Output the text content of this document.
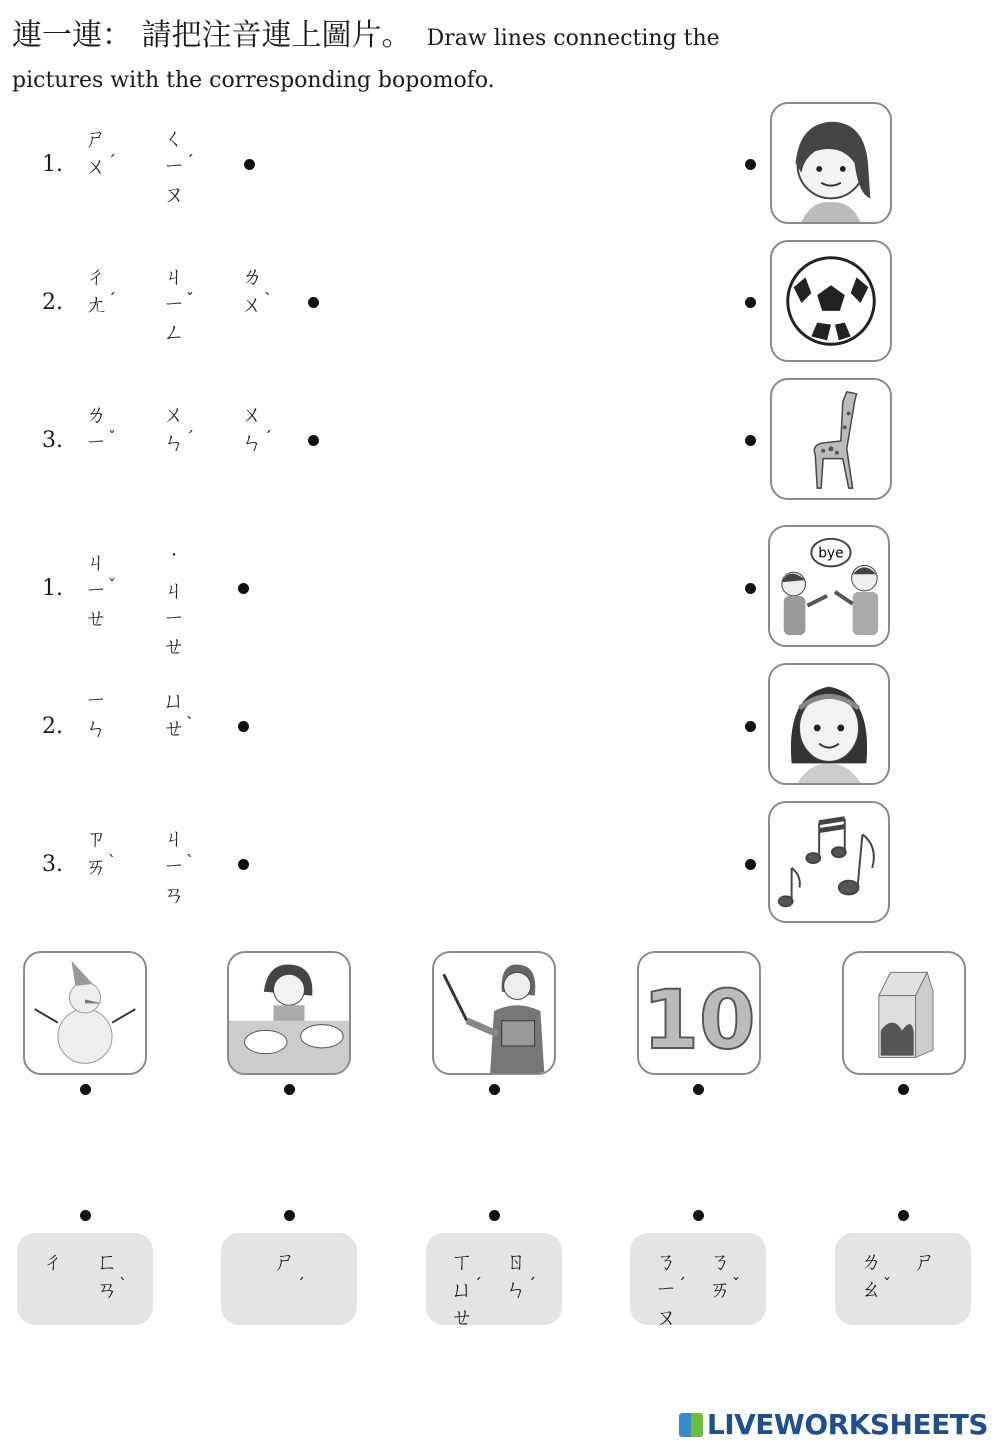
連一連： 請把注音連上圖片。 Draw lines connecting the
pictures with the corresponding bopomofo.
1.
ㄕ
ㄨ ˊ
ㄑ
ㄧ
ㄡ
ˊ
2.
ㄔ
ㄤ ˊ
ㄐ
ㄧ
ㄥ
ˇ
ㄌ
ㄨ ˋ
3.
ㄌ
ㄧ ˇ
ㄨ
ㄣ ˊ
ㄨ
ㄣ ˊ
1.
ㄐ
ㄧ
ㄝ
ˇ
˙ㄐ
ㄧ
ㄝ
2.
ㄧ
ㄣ
ㄩ
ㄝ ˋ
3.
ㄗ
ㄞ ˋ
ㄐ
ㄧ
ㄢ
ˋ
bye
10
ㄔ ㄈ
ㄢ ˋ
ㄕ
ˊ
ㄒ
ㄩ
ㄝ
ˊ
ㄖ
ㄣ ˊ
ㄋ
ㄧ
ㄡ
ˊ
ㄋ
ㄞ ˇ
ㄌ
ㄠ ˇ
ㄕ
LIVEWORKSHEETS
